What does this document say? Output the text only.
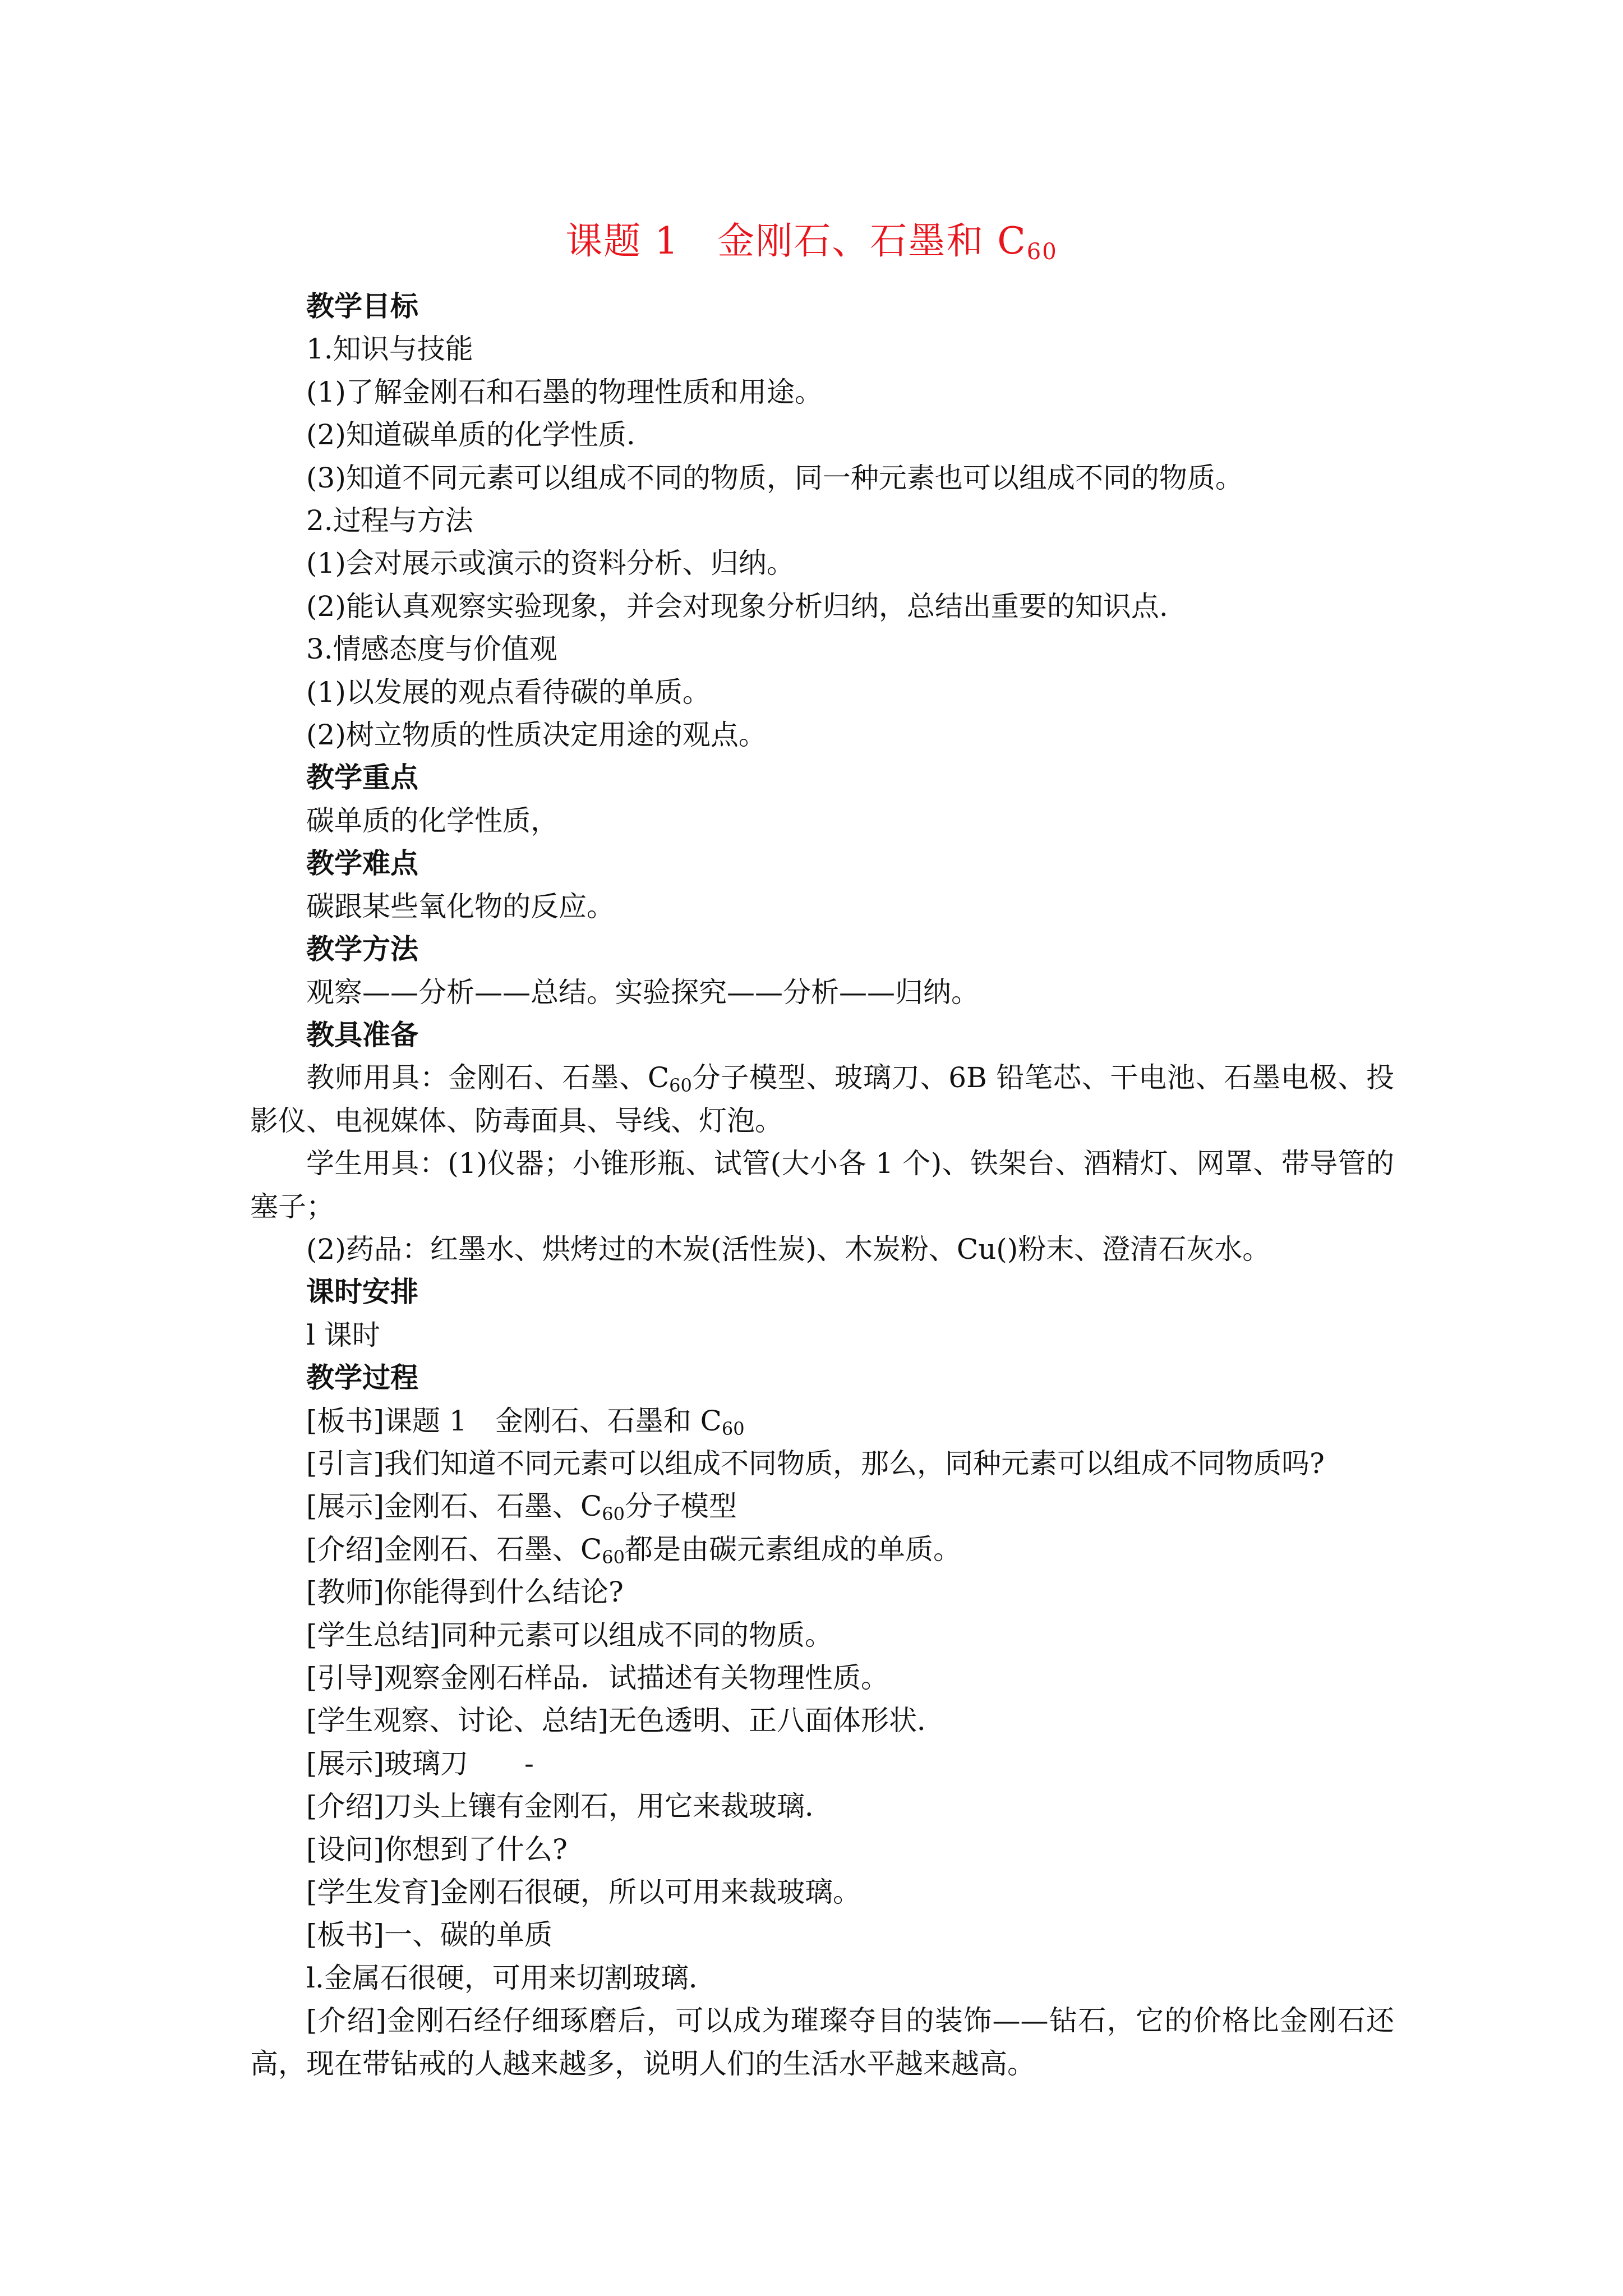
课题 1　金刚石、石墨和 $C_{60}$
教学目标
1.知识与技能
(1)了解金刚石和石墨的物理性质和用途。
(2)知道碳单质的化学性质.
(3)知道不同元素可以组成不同的物质，同一种元素也可以组成不同的物质。
2.过程与方法
(1)会对展示或演示的资料分析、归纳。
(2)能认真观察实验现象，并会对现象分析归纳，总结出重要的知识点.
3.情感态度与价值观
(1)以发展的观点看待碳的单质。
(2)树立物质的性质决定用途的观点。
教学重点
碳单质的化学性质，
教学难点
碳跟某些氧化物的反应。
教学方法
观察——分析——总结。实验探究——分析——归纳。
教具准备
教师用具：金刚石、石墨、$C_{60}$分子模型、玻璃刀、6B 铅笔芯、干电池、石墨电极、投影仪、电视媒体、防毒面具、导线、灯泡。
学生用具：(1)仪器；小锥形瓶、试管(大小各 1 个)、铁架台、酒精灯、网罩、带导管的塞子；
(2)药品：红墨水、烘烤过的木炭(活性炭)、木炭粉、Cu()粉末、澄清石灰水。
课时安排
l 课时
教学过程
[板书]课题 1　金刚石、石墨和 $C_{60}$
[引言]我们知道不同元素可以组成不同物质，那么，同种元素可以组成不同物质吗?
[展示]金刚石、石墨、$C_{60}$分子模型
[介绍]金刚石、石墨、$C_{60}$都是由碳元素组成的单质。
[教师]你能得到什么结论?
[学生总结]同种元素可以组成不同的物质。
[引导]观察金刚石样品．试描述有关物理性质。
[学生观察、讨论、总结]无色透明、正八面体形状．
[展示]玻璃刀　　-
[介绍]刀头上镶有金刚石，用它来裁玻璃．
[设问]你想到了什么?
[学生发育]金刚石很硬，所以可用来裁玻璃。
[板书]一、碳的单质
l.金属石很硬，可用来切割玻璃．
[介绍]金刚石经仔细琢磨后，可以成为璀璨夺目的装饰——钻石，它的价格比金刚石还高，现在带钻戒的人越来越多，说明人们的生活水平越来越高。
